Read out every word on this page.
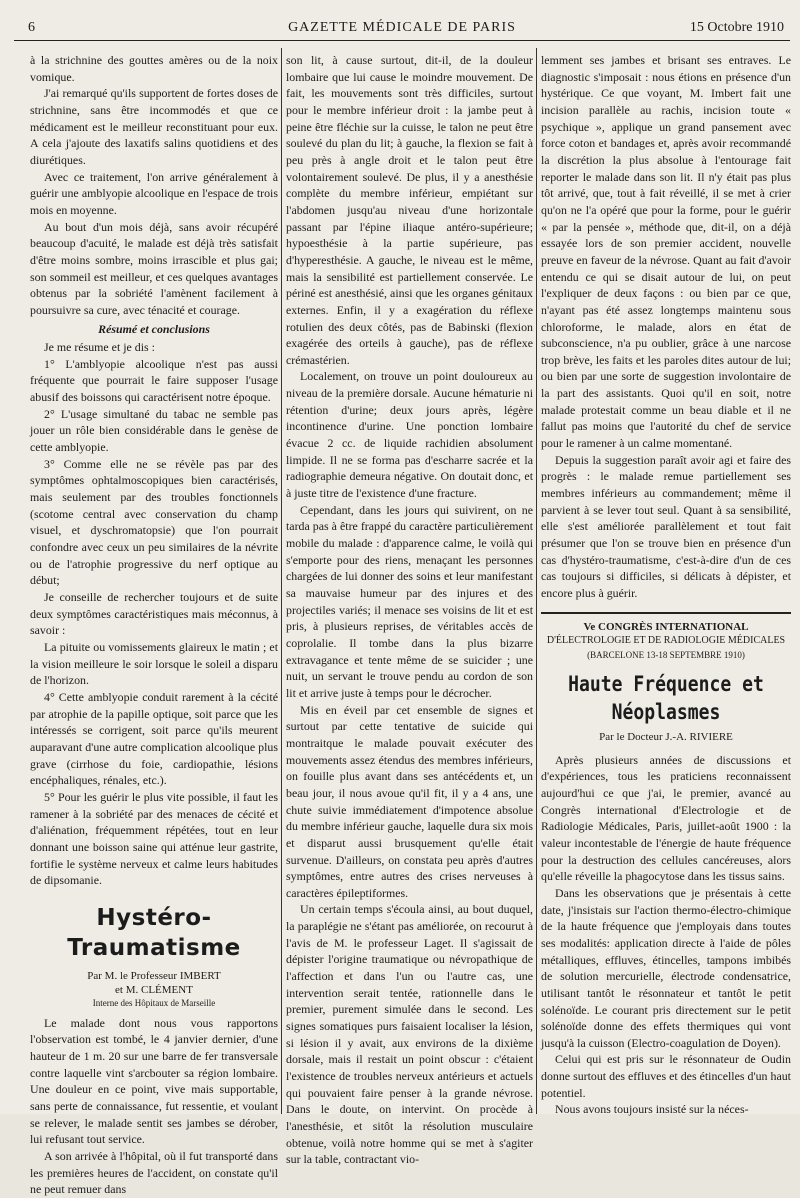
6	GAZETTE MÉDICALE DE PARIS	15 Octobre 1910

à la strichnine des gouttes amères ou de la noix vomique.

J'ai remarqué qu'ils supportent de fortes doses de strichnine, sans être incommodés et que ce médicament est le meilleur reconstituant pour eux. A cela j'ajoute des laxatifs salins quotidiens et des diurétiques.

Avec ce traitement, l'on arrive généralement à guérir une amblyopie alcoolique en l'espace de trois mois en moyenne.

Au bout d'un mois déjà, sans avoir récupéré beaucoup d'acuité, le malade est déjà très satisfait d'être moins sombre, moins irrascible et plus gai; son sommeil est meilleur, et ces quelques avantages obtenus par la sobriété l'amènent facilement à poursuivre sa cure, avec ténacité et courage.

Résumé et conclusions

Je me résume et je dis :

1° L'amblyopie alcoolique n'est pas aussi fréquente que pourrait le faire supposer l'usage abusif des boissons qui caractérisent notre époque.

2° L'usage simultané du tabac ne semble pas jouer un rôle bien considérable dans le genèse de cette amblyopie.

3° Comme elle ne se révèle pas par des symptômes ophtalmoscopiques bien caractérisés, mais seulement par des troubles fonctionnels (scotome central avec conservation du champ visuel, et dyschromatopsie) que l'on pourrait confondre avec ceux un peu similaires de la névrite ou de l'atrophie progressive du nerf optique au début;

Je conseille de rechercher toujours et de suite deux symptômes caractéristiques mais méconnus, à savoir :

La pituite ou vomissements glaireux le matin ; et la vision meilleure le soir lorsque le soleil a disparu de l'horizon.

4° Cette amblyopie conduit rarement à la cécité par atrophie de la papille optique, soit parce que les intéressés se corrigent, soit parce qu'ils meurent auparavant d'une autre complication alcoolique plus grave (cirrhose du foie, cardiopathie, lésions encéphaliques, rénales, etc.).

5° Pour les guérir le plus vite possible, il faut les ramener à la sobriété par des menaces de cécité et d'aliénation, fréquemment répétées, tout en leur donnant une boisson saine qui atténue leur gastrite, fortifie le système nerveux et calme leurs habitudes de dipsomanie.

Hystéro-Traumatisme
Par M. le Professeur IMBERT
et M. CLÉMENT
Interne des Hôpitaux de Marseille

Le malade dont nous vous rapportons l'observation est tombé, le 4 janvier dernier, d'une hauteur de 1 m. 20 sur une barre de fer transversale contre laquelle vint s'arcbouter sa région lombaire. Une douleur en ce point, vive mais supportable, sans perte de connaissance, fut ressentie, et voulant se relever, le malade sentit ses jambes se dérober, lui refusant tout service.

A son arrivée à l'hôpital, où il fut transporté dans les premières heures de l'accident, on constate qu'il ne peut remuer dans

son lit, à cause surtout, dit-il, de la douleur lombaire que lui cause le moindre mouvement. De fait, les mouvements sont très difficiles, surtout pour le membre inférieur droit : la jambe peut à peine être fléchie sur la cuisse, le talon ne peut être soulevé du plan du lit; à gauche, la flexion se fait à peu près à angle droit et le talon peut être volontairement soulevé. De plus, il y a anesthésie complète du membre inférieur, empiétant sur l'abdomen jusqu'au niveau d'une horizontale passant par l'épine iliaque antéro-supérieure; hypoesthésie à la partie supérieure, pas d'hyperesthésie. A gauche, le niveau est le même, mais la sensibilité est partiellement conservée. Le périné est anesthésié, ainsi que les organes génitaux externes. Enfin, il y a exagération du réflexe rotulien des deux côtés, pas de Babinski (flexion exagérée des orteils à gauche), pas de réflexe crémastérien.

Localement, on trouve un point douloureux au niveau de la première dorsale. Aucune hématurie ni rétention d'urine; deux jours après, légère incontinence d'urine. Une ponction lombaire évacue 2 cc. de liquide rachidien absolument limpide. Il ne se forma pas d'escharre sacrée et la radiographie demeura négative. On doutait donc, et à juste titre de l'existence d'une fracture.

Cependant, dans les jours qui suivirent, on ne tarda pas à être frappé du caractère particulièrement mobile du malade : d'apparence calme, le voilà qui s'emporte pour des riens, menaçant les personnes chargées de lui donner des soins et leur manifestant sa mauvaise humeur par des injures et des projectiles variés; il menace ses voisins de lit et est pris, à plusieurs reprises, de véritables accès de coprolalie. Il tombe dans la plus bizarre extravagance et tente même de se suicider ; une nuit, un servant le trouve pendu au cordon de son lit et arrive juste à temps pour le décrocher.

Mis en éveil par cet ensemble de signes et surtout par cette tentative de suicide qui montraitque le malade pouvait exécuter des mouvements assez étendus des membres inférieurs, on fouille plus avant dans ses antécédents et, un beau jour, il nous avoue qu'il fit, il y a 4 ans, une chute suivie immédiatement d'impotence absolue du membre inférieur gauche, laquelle dura six mois et disparut aussi brusquement qu'elle était survenue. D'ailleurs, on constata peu après d'autres symptômes, entre autres des crises nerveuses à caractères épileptiformes.

Un certain temps s'écoula ainsi, au bout duquel, la paraplégie ne s'étant pas améliorée, on recourut à l'avis de M. le professeur Laget. Il s'agissait de dépister l'origine traumatique ou névropathique de l'affection et dans l'un ou l'autre cas, une intervention serait tentée, rationnelle dans le premier, purement simulée dans le second. Les signes somatiques purs faisaient localiser la lésion, si lésion il y avait, aux environs de la dixième dorsale, mais il restait un point obscur : c'étaient l'existence de troubles nerveux antérieurs et actuels qui pouvaient faire penser à la grande névrose. Dans le doute, on intervint. On procède à l'anesthésie, et sitôt la résolution musculaire obtenue, voilà notre homme qui se met à s'agiter sur la table, contractant vio-

lemment ses jambes et brisant ses entraves. Le diagnostic s'imposait : nous étions en présence d'un hystérique. Ce que voyant, M. Imbert fait une incision parallèle au rachis, incision toute « psychique », applique un grand pansement avec force coton et bandages et, après avoir recommandé la discrétion la plus absolue à l'entourage fait reporter le malade dans son lit. Il n'y était pas plus tôt arrivé, que, tout à fait réveillé, il se met à crier qu'on ne l'a opéré que pour la forme, pour le guérir « par la pensée », méthode que, dit-il, on a déjà essayée lors de son premier accident, nouvelle preuve en faveur de la névrose. Quant au fait d'avoir entendu ce qui se disait autour de lui, on peut l'expliquer de deux façons : ou bien par ce que, n'ayant pas été assez longtemps maintenu sous chloroforme, le malade, alors en état de subconscience, n'a pu oublier, grâce à une narcose trop brève, les faits et les paroles dites autour de lui; ou bien par une sorte de suggestion involontaire de la part des assistants. Quoi qu'il en soit, notre malade protestait comme un beau diable et il ne fallut pas moins que l'autorité du chef de service pour le ramener à un calme momentané.

Depuis la suggestion paraît avoir agi et faire des progrès : le malade remue partiellement ses membres inférieurs au commandement; même il parvient à se lever tout seul. Quant à sa sensibilité, elle s'est améliorée parallèlement et tout fait présumer que l'on se trouve bien en présence d'un cas d'hystéro-traumatisme, c'est-à-dire d'un de ces cas toujours si difficiles, si délicats à dépister, et encore plus à guérir.

Ve CONGRÈS INTERNATIONAL
D'ÉLECTROLOGIE ET DE RADIOLOGIE MÉDICALES
(BARCELONE 13-18 SEPTEMBRE 1910)
Haute Fréquence et Néoplasmes
Par le Docteur J.-A. RIVIERE

Après plusieurs années de discussions et d'expériences, tous les praticiens reconnaissent aujourd'hui ce que j'ai, le premier, avancé au Congrès international d'Electrologie et de Radiologie Médicales, Paris, juillet-août 1900 : la valeur incontestable de l'énergie de haute fréquence pour la destruction des cellules cancéreuses, alors qu'elle réveille la phagocytose dans les tissus sains.

Dans les observations que je présentais à cette date, j'insistais sur l'action thermo-électro-chimique de la haute fréquence que j'employais dans toutes ses modalités: application directe à l'aide de pôles métalliques, effluves, étincelles, tampons imbibés de solution mercurielle, électrode condensatrice, utilisant tantôt le résonnateur et tantôt le petit solénoïde. Le courant pris directement sur le petit solénoïde donne des effets thermiques qui vont jusqu'à la cuisson (Electro-coagulation de Doyen).

Celui qui est pris sur le résonnateur de Oudin donne surtout des effluves et des étincelles d'un haut potentiel.

Nous avons toujours insisté sur la néces-
